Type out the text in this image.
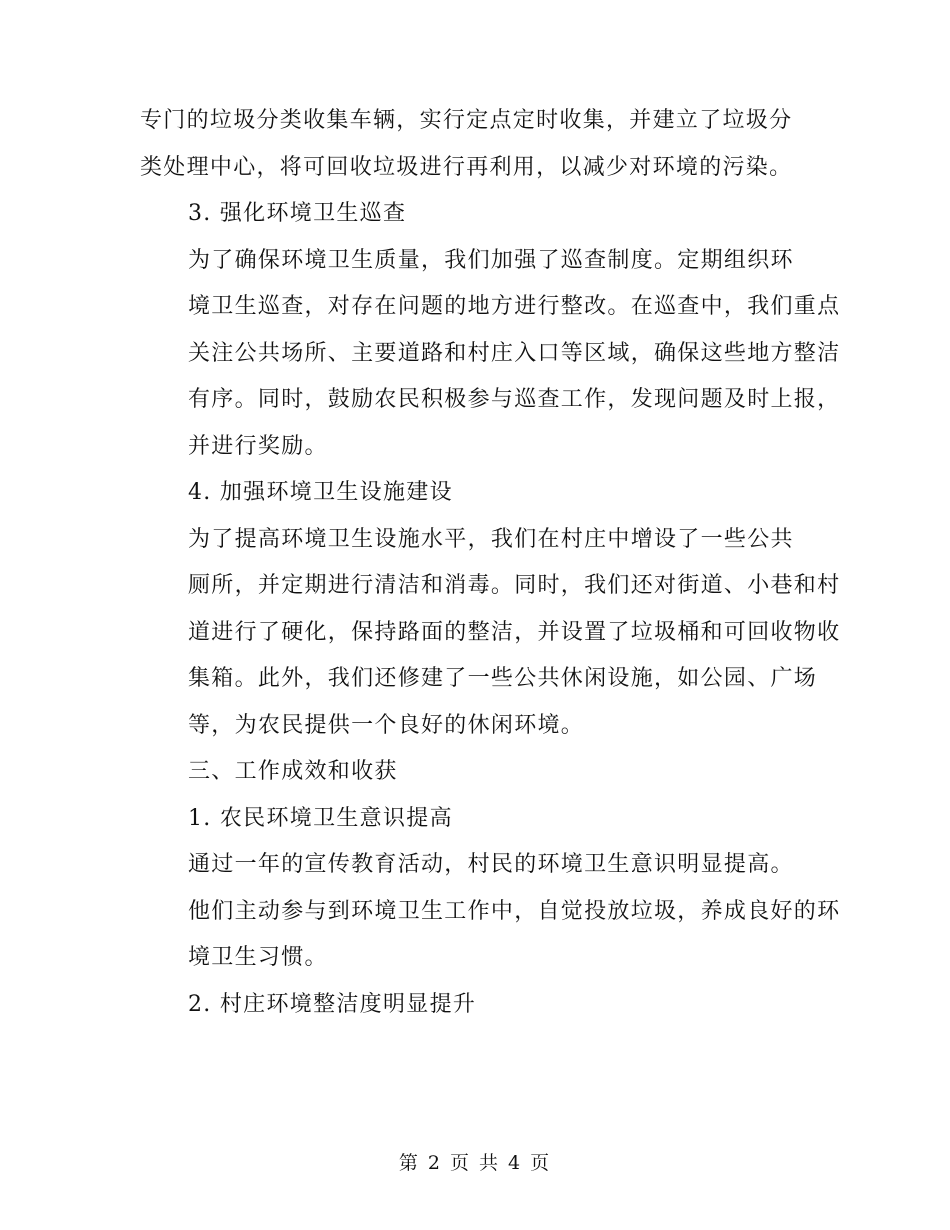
专门的垃圾分类收集车辆，实行定点定时收集，并建立了垃圾分
类处理中心，将可回收垃圾进行再利用，以减少对环境的污染。

3. 强化环境卫生巡查

为了确保环境卫生质量，我们加强了巡查制度。定期组织环
境卫生巡查，对存在问题的地方进行整改。在巡查中，我们重点
关注公共场所、主要道路和村庄入口等区域，确保这些地方整洁
有序。同时，鼓励农民积极参与巡查工作，发现问题及时上报，
并进行奖励。

4. 加强环境卫生设施建设

为了提高环境卫生设施水平，我们在村庄中增设了一些公共
厕所，并定期进行清洁和消毒。同时，我们还对街道、小巷和村
道进行了硬化，保持路面的整洁，并设置了垃圾桶和可回收物收
集箱。此外，我们还修建了一些公共休闲设施，如公园、广场
等，为农民提供一个良好的休闲环境。

三、工作成效和收获

1. 农民环境卫生意识提高

通过一年的宣传教育活动，村民的环境卫生意识明显提高。
他们主动参与到环境卫生工作中，自觉投放垃圾，养成良好的环
境卫生习惯。

2. 村庄环境整洁度明显提升

第 2 页 共 4 页
